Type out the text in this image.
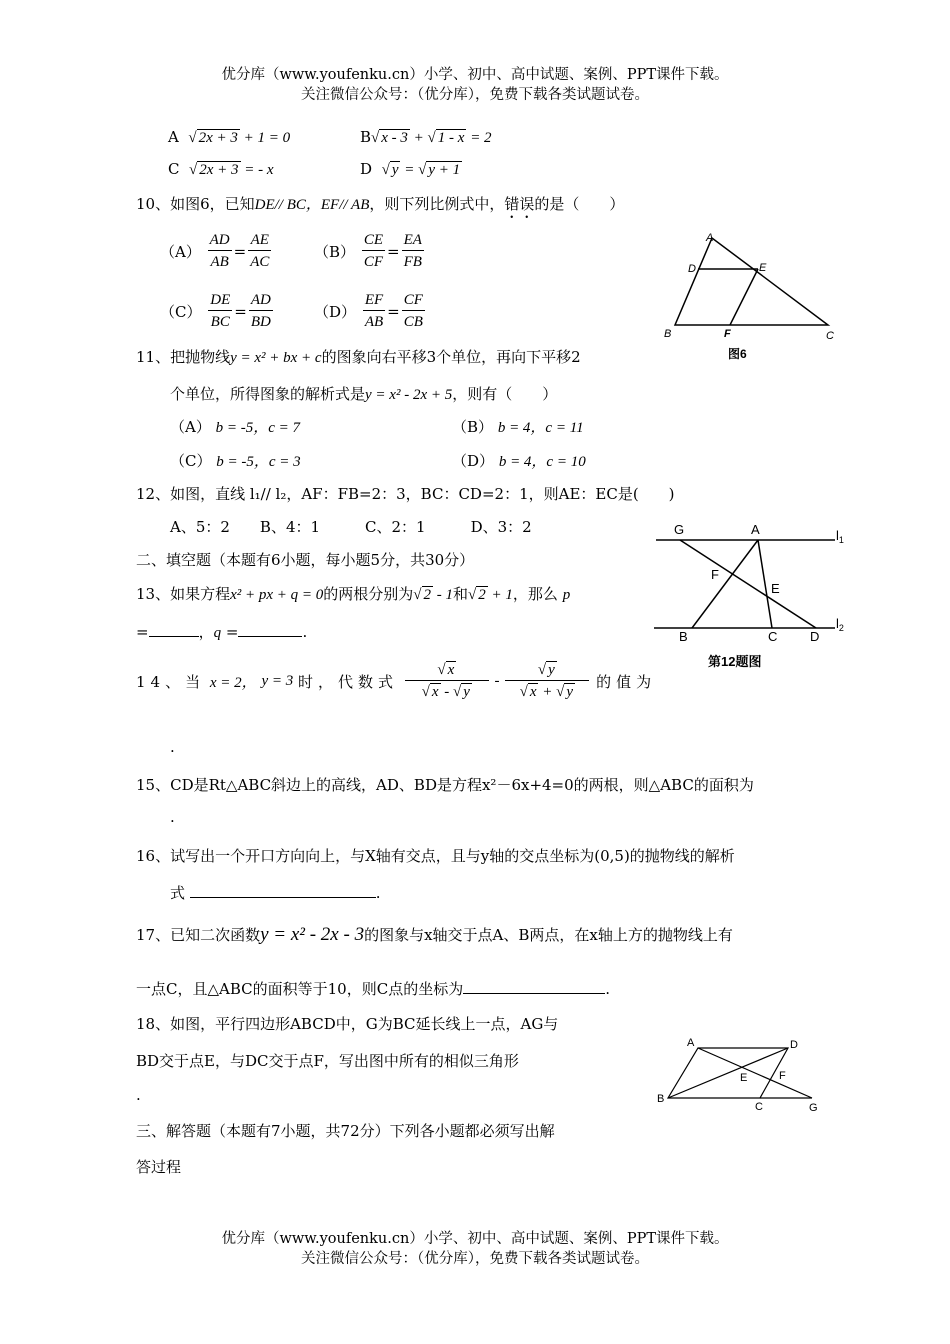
优分库（www.youfenku.cn）小学、初中、高中试题、案例、PPT课件下载。
关注微信公众号：（优分库），免费下载各类试题试卷。
A √ 2x + 3 + 1 = 0	B √ x - 3 + √ 1 - x = 2
C √ 2x + 3 = - x	D √ y = √ y + 1
10、如图6，已知DE// BC，EF// AB，则下列比例式中，错误的是（　　）
$(A) \frac{AD}{AB} = \frac{AE}{AC}$	$(B) \frac{CE}{CF} = \frac{EA}{FB}$
$(C) \frac{DE}{BC} = \frac{AD}{BD}$	$(D) \frac{EF}{AB} = \frac{CF}{CB}$
A
D	E
B	F	C
图6
11、把抛物线y = x² + bx + c的图象向右平移3个单位，再向下平移2
个单位，所得图象的解析式是y = x² - 2x + 5，则有（　　）
（A） b = -5，c = 7	（B） b = 4，c = 11
（C） b = -5，c = 3	（D） b = 4，c = 10
12、如图，直线 l₁// l₂，AF：FB=2：3，BC：CD=2：1，则AE：EC是(　　)
A、5：2　　B、4：1　　　C、2：1　　　D、3：2	G	A	$l_1$
F
E
B	C	D
$l_2$
第12题图
二、填空题（本题有6小题，每小题5分，共30分）
13、如果方程x² + px + q = 0的两根分别为 √ 2 - 1和 √ 2 + 1，那么 p
=	，q =	.
14、当 x = 2， y = 3 时，代数式 √ x
√ x - √ y - √ y
√ x + √ y 的值为
.
15、CD是Rt△ABC斜边上的高线，AD、BD是方程x²－6x+4=0的两根，则△ABC的面积为
.
16、试写出一个开口方向向上，与X轴有交点，且与y轴的交点坐标为(0,5)的抛物线的解析
式	.
17、已知二次函数y = x² - 2x - 3的图象与x轴交于点A、B两点，在x轴上方的抛物线上有
一点C，且△ABC的面积等于10，则C点的坐标为	.
18、如图，平行四边形ABCD中，G为BC延长线上一点，AG与
BD交于点E，与DC交于点F，写出图中所有的相似三角形
.
A	D
E	F
B
C	G
三、解答题（本题有7小题，共72分）下列各小题都必须写出解
答过程
优分库（www.youfenku.cn）小学、初中、高中试题、案例、PPT课件下载。
关注微信公众号：（优分库），免费下载各类试题试卷。
